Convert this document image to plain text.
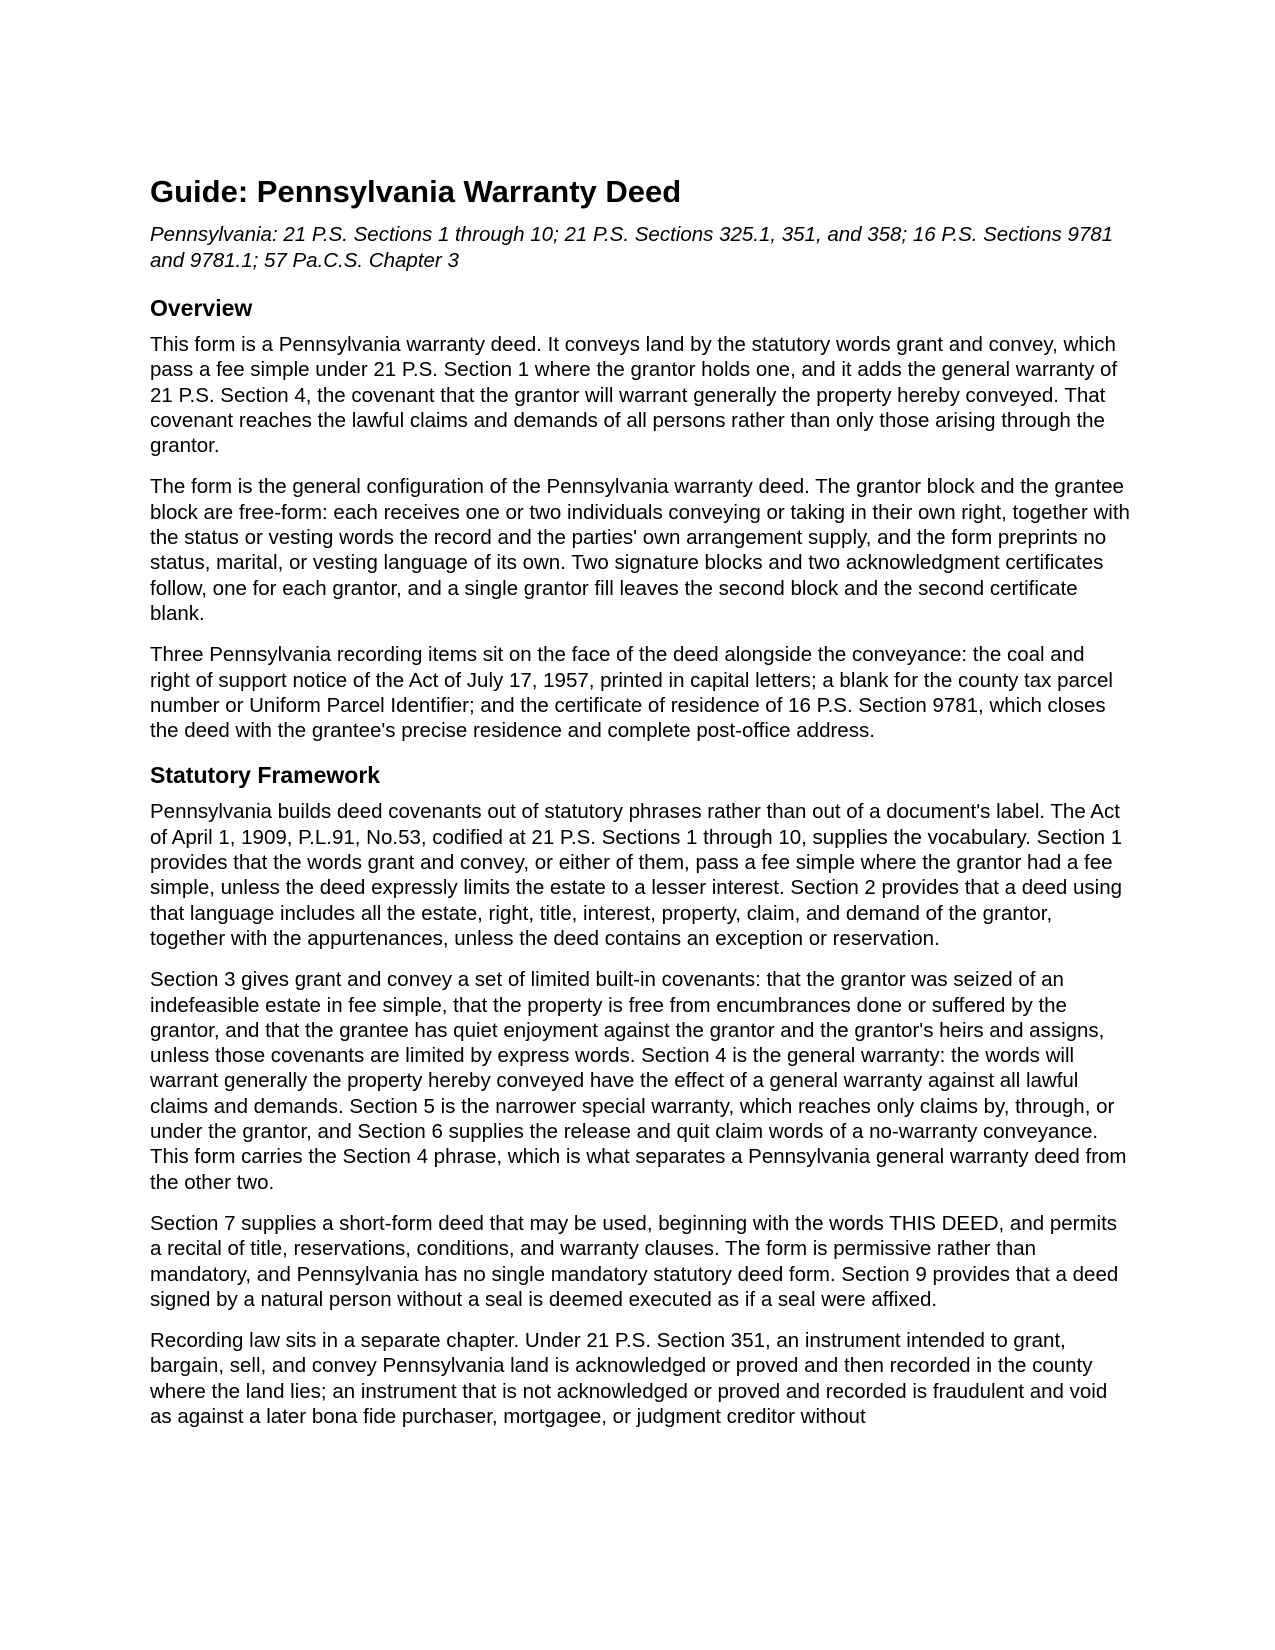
Guide: Pennsylvania Warranty Deed
Pennsylvania: 21 P.S. Sections 1 through 10; 21 P.S. Sections 325.1, 351, and 358; 16 P.S. Sections 9781 and 9781.1; 57 Pa.C.S. Chapter 3
Overview

This form is a Pennsylvania warranty deed. It conveys land by the statutory words grant and convey, which pass a fee simple under 21 P.S. Section 1 where the grantor holds one, and it adds the general warranty of 21 P.S. Section 4, the covenant that the grantor will warrant generally the property hereby conveyed. That covenant reaches the lawful claims and demands of all persons rather than only those arising through the grantor.

The form is the general configuration of the Pennsylvania warranty deed. The grantor block and the grantee block are free-form: each receives one or two individuals conveying or taking in their own right, together with the status or vesting words the record and the parties' own arrangement supply, and the form preprints no status, marital, or vesting language of its own. Two signature blocks and two acknowledgment certificates follow, one for each grantor, and a single grantor fill leaves the second block and the second certificate blank.

Three Pennsylvania recording items sit on the face of the deed alongside the conveyance: the coal and right of support notice of the Act of July 17, 1957, printed in capital letters; a blank for the county tax parcel number or Uniform Parcel Identifier; and the certificate of residence of 16 P.S. Section 9781, which closes the deed with the grantee's precise residence and complete post-office address.

Statutory Framework

Pennsylvania builds deed covenants out of statutory phrases rather than out of a document's label. The Act of April 1, 1909, P.L.91, No.53, codified at 21 P.S. Sections 1 through 10, supplies the vocabulary. Section 1 provides that the words grant and convey, or either of them, pass a fee simple where the grantor had a fee simple, unless the deed expressly limits the estate to a lesser interest. Section 2 provides that a deed using that language includes all the estate, right, title, interest, property, claim, and demand of the grantor, together with the appurtenances, unless the deed contains an exception or reservation.

Section 3 gives grant and convey a set of limited built-in covenants: that the grantor was seized of an indefeasible estate in fee simple, that the property is free from encumbrances done or suffered by the grantor, and that the grantee has quiet enjoyment against the grantor and the grantor's heirs and assigns, unless those covenants are limited by express words. Section 4 is the general warranty: the words will warrant generally the property hereby conveyed have the effect of a general warranty against all lawful claims and demands. Section 5 is the narrower special warranty, which reaches only claims by, through, or under the grantor, and Section 6 supplies the release and quit claim words of a no-warranty conveyance. This form carries the Section 4 phrase, which is what separates a Pennsylvania general warranty deed from the other two.

Section 7 supplies a short-form deed that may be used, beginning with the words THIS DEED, and permits a recital of title, reservations, conditions, and warranty clauses. The form is permissive rather than mandatory, and Pennsylvania has no single mandatory statutory deed form. Section 9 provides that a deed signed by a natural person without a seal is deemed executed as if a seal were affixed.

Recording law sits in a separate chapter. Under 21 P.S. Section 351, an instrument intended to grant, bargain, sell, and convey Pennsylvania land is acknowledged or proved and then recorded in the county where the land lies; an instrument that is not acknowledged or proved and recorded is fraudulent and void as against a later bona fide purchaser, mortgagee, or judgment creditor without
